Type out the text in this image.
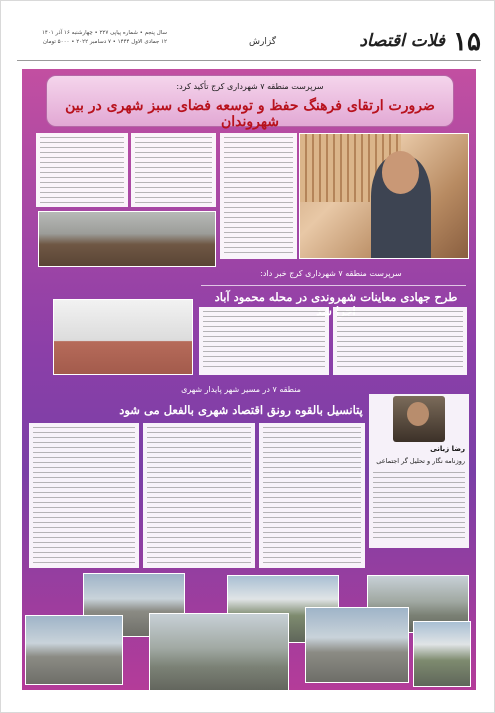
۱۵
فلات اقتصاد
گزارش
سال پنجم • شماره پیاپی ۲۲۷ • چهارشنبه ۱۶ آذر ۱۴۰۱
۱۲ جمادی الاول ۱۴۴۴ • ۷ دسامبر ۲۰۲۲ • ۵۰۰۰ تومان
سرپرست منطقه ۷ شهرداری کرج تأکید کرد:
ضرورت ارتقای فرهنگ حفظ و توسعه فضای سبز شهری در بین شهروندان
سرپرست منطقه ۷ شهرداری کرج خبر داد:
طرح جهادی معاینات شهروندی در محله محمود آباد
منطقه ۷ در مسیر شهر پایدار شهری
پتانسیل بالقوه رونق اقتصاد شهری بالفعل می شود
رضا زبانی
روزنامه نگار و تحلیل گر اجتماعی
